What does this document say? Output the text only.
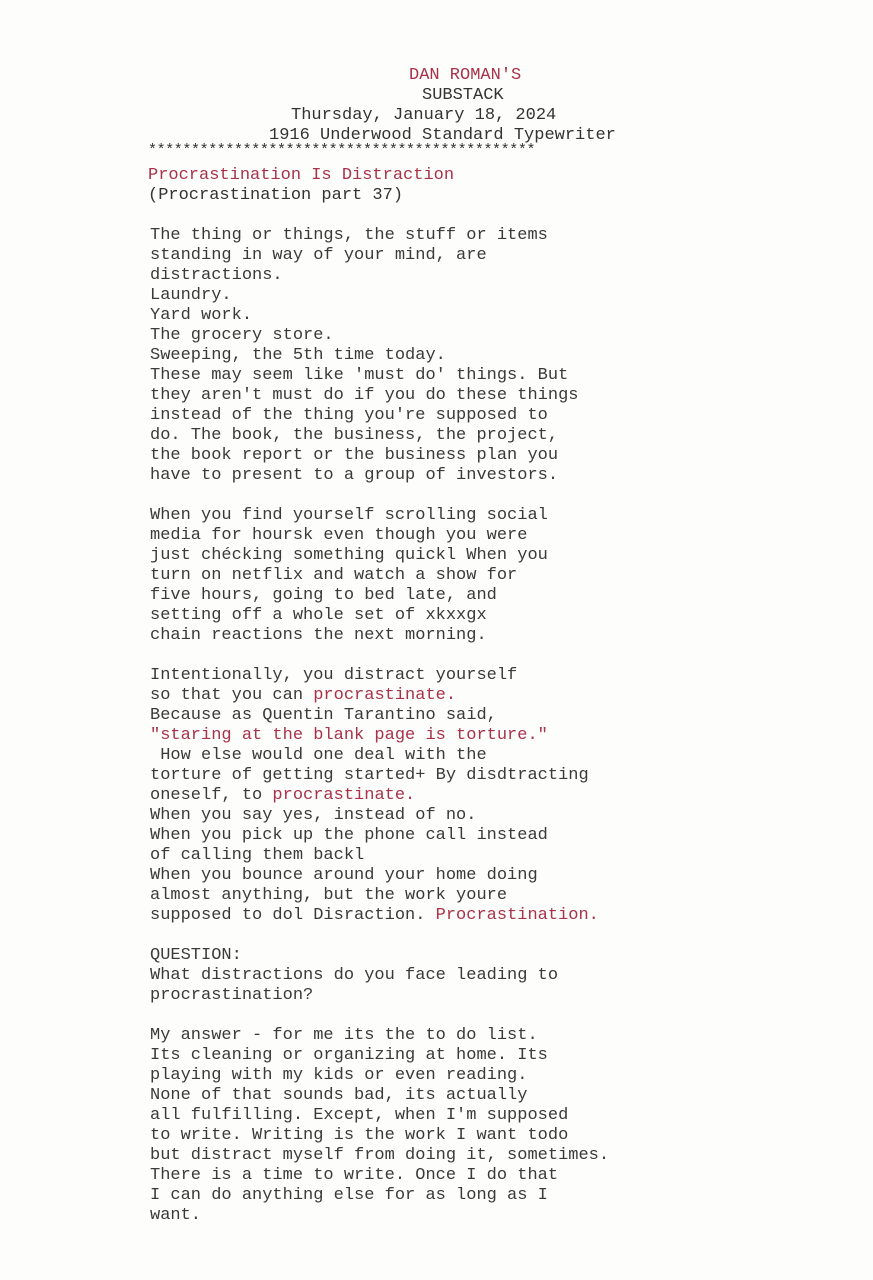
DAN ROMAN'S
SUBSTACK
Thursday, January 18, 2024
1916 Underwood Standard Typewriter
*********************************************
Procrastination Is Distraction
(Procrastination part 37)
The thing or things, the stuff or items
standing in way of your mind, are
distractions.
Laundry.
Yard work.
The grocery store.
Sweeping, the 5th time today.
These may seem like 'must do' things. But
they aren't must do if you do these things
instead of the thing you're supposed to
do. The book, the business, the project,
the book report or the business plan you
have to present to a group of investors.
When you find yourself scrolling social
media for hoursk even though you were
just chécking something quickl When you
turn on netflix and watch a show for
five hours, going to bed late, and
setting off a whole set of xkxxgx
chain reactions the next morning.
Intentionally, you distract yourself
so that you can procrastinate.
Because as Quentin Tarantino said,
"staring at the blank page is torture."
How else would one deal with the
torture of getting started+ By disdtracting
oneself, to procrastinate.
When you say yes, instead of no.
When you pick up the phone call instead
of calling them backl
When you bounce around your home doing
almost anything, but the work youre
supposed to dol Disraction. Procrastination.
QUESTION:
What distractions do you face leading to
procrastination?
My answer - for me its the to do list.
Its cleaning or organizing at home. Its
playing with my kids or even reading.
None of that sounds bad, its actually
all fulfilling. Except, when I'm supposed
to write. Writing is the work I want todo
but distract myself from doing it, sometimes.
There is a time to write. Once I do that
I can do anything else for as long as I
want.
